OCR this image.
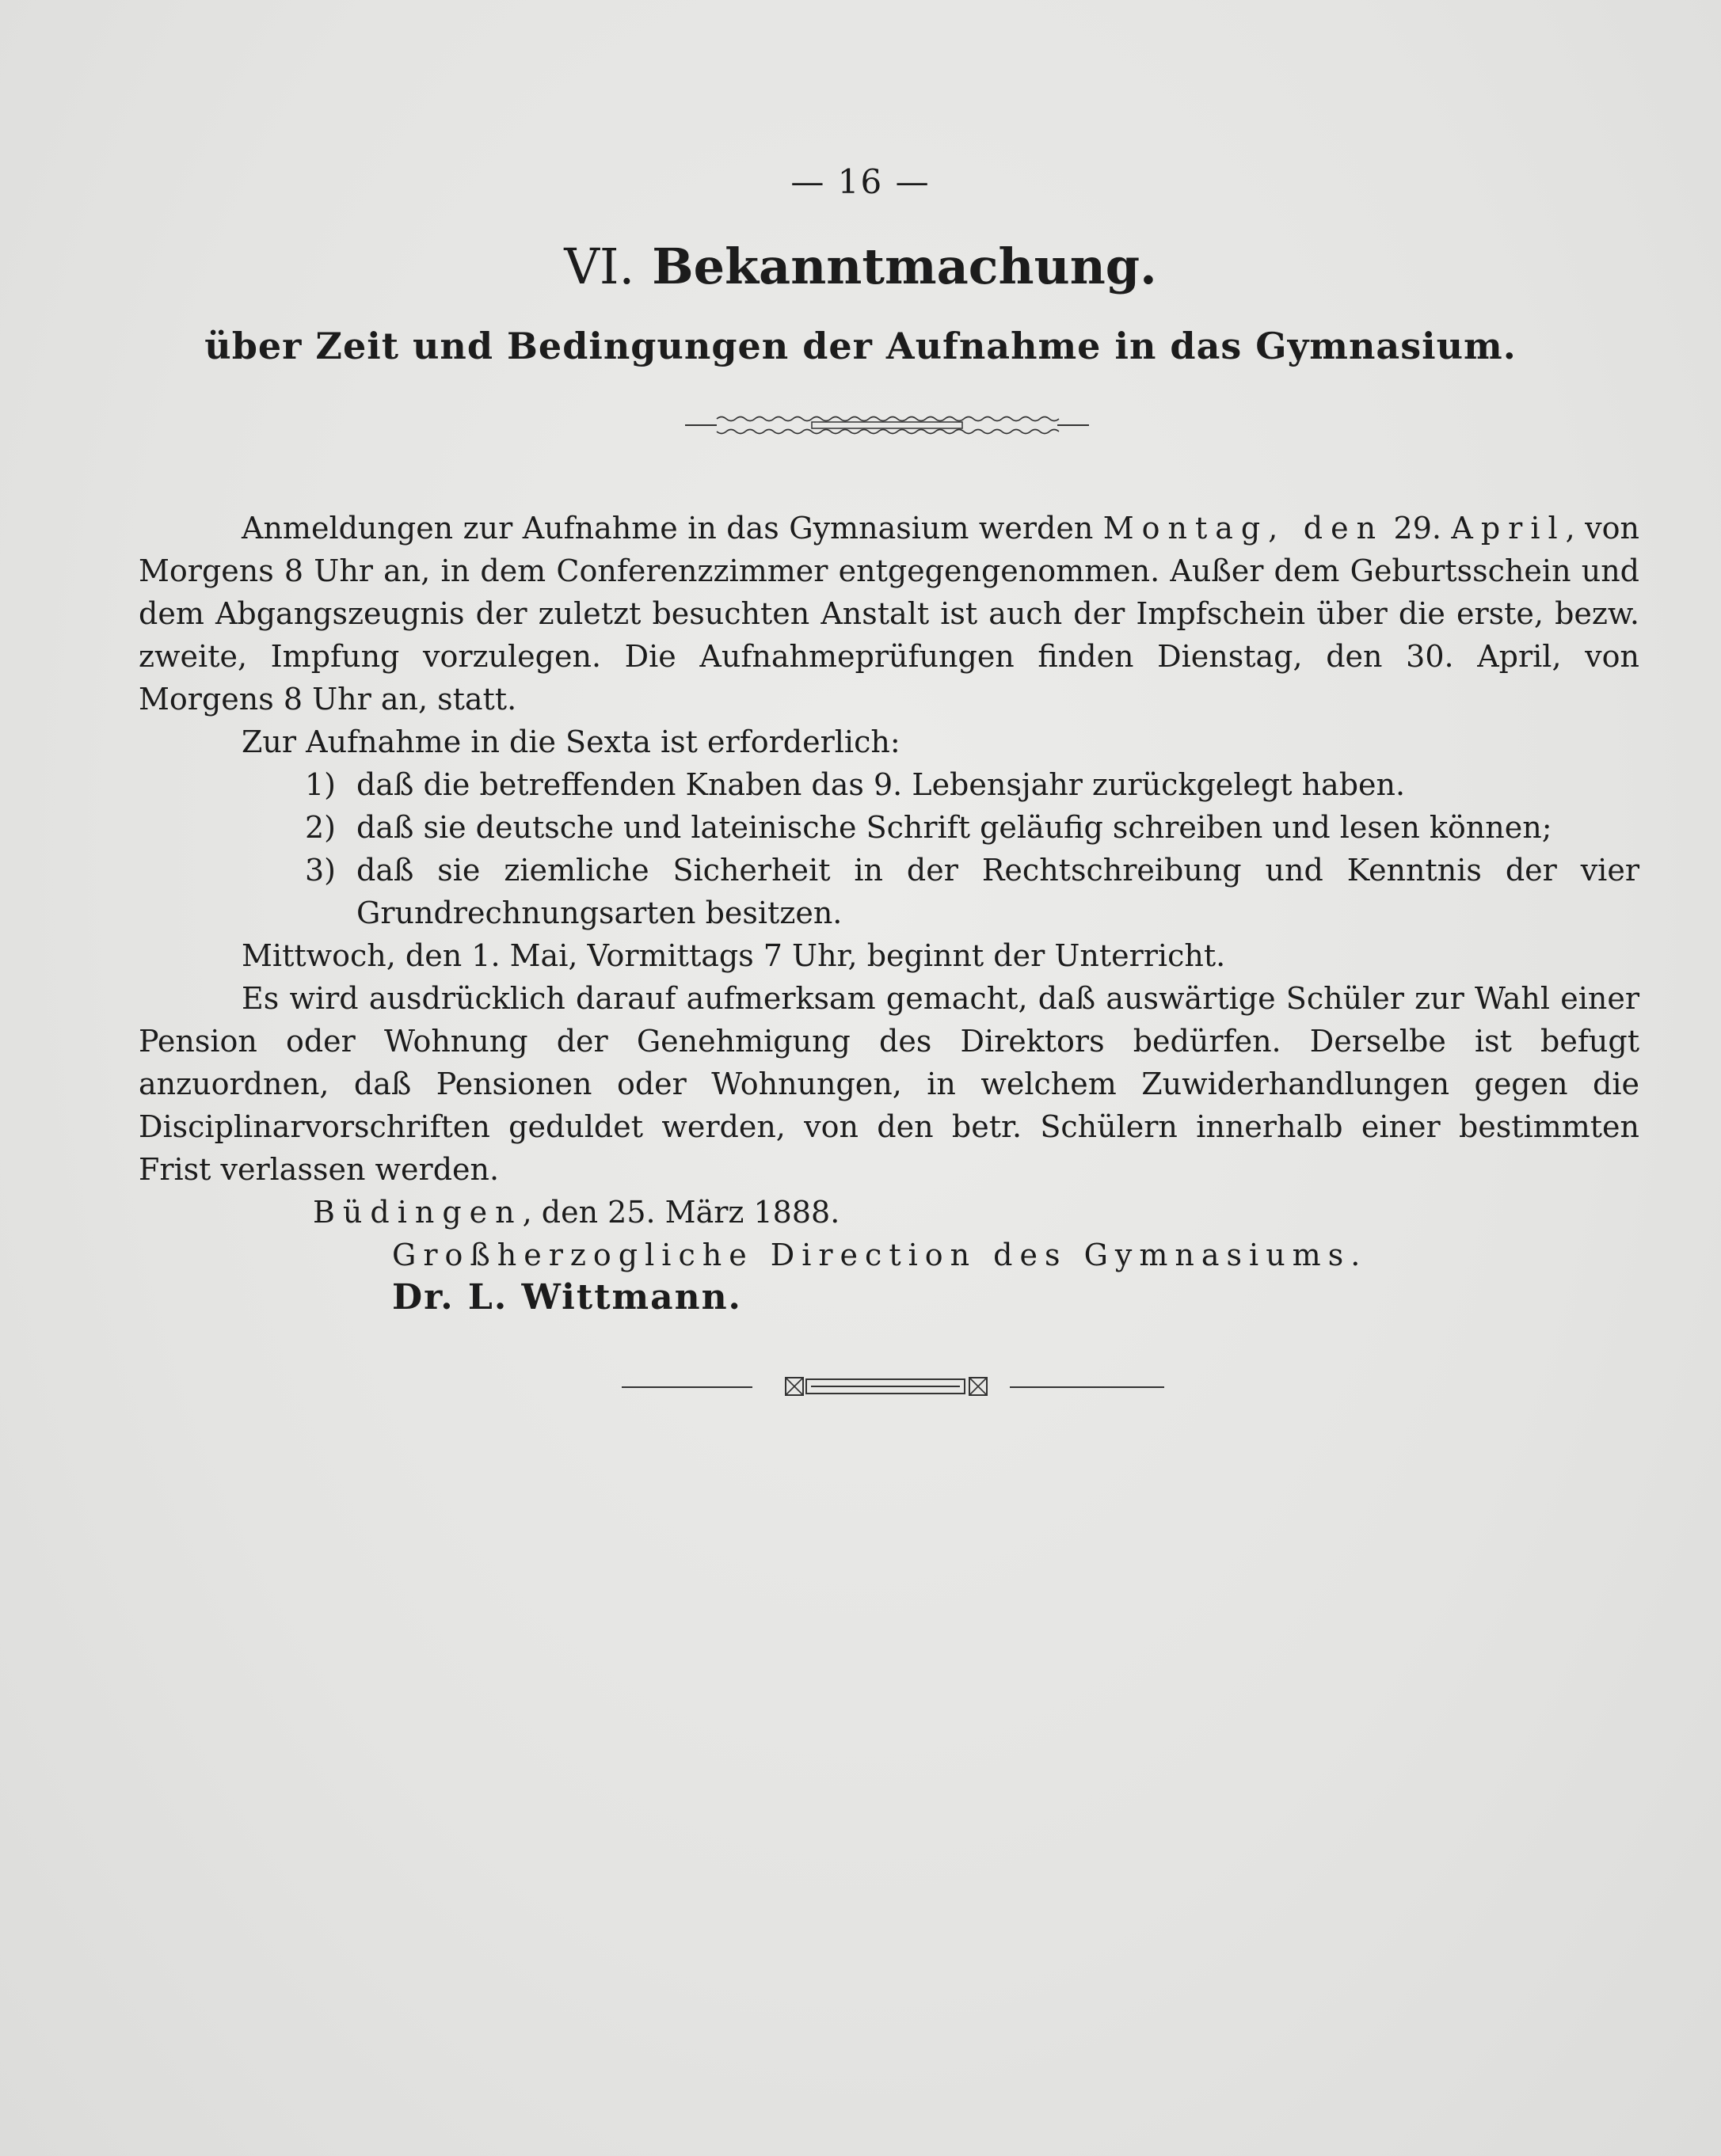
— 16 —
VI. Bekanntmachung.
über Zeit und Bedingungen der Aufnahme in das Gymnasium.

Anmeldungen zur Aufnahme in das Gymnasium werden Montag, den 29. April, von Morgens 8 Uhr an, in dem Conferenzzimmer entgegengenommen. Außer dem Geburtsschein und dem Abgangszeugnis der zuletzt besuchten Anstalt ist auch der Impfschein über die erste, bezw. zweite, Impfung vorzulegen. Die Aufnahmeprüfungen finden Dienstag, den 30. April, von Morgens 8 Uhr an, statt.

Zur Aufnahme in die Sexta ist erforderlich:

1) daß die betreffenden Knaben das 9. Lebensjahr zurückgelegt haben.
2) daß sie deutsche und lateinische Schrift geläufig schreiben und lesen können;
3) daß sie ziemliche Sicherheit in der Rechtschreibung und Kenntnis der vier Grundrechnungsarten besitzen.

Mittwoch, den 1. Mai, Vormittags 7 Uhr, beginnt der Unterricht.

Es wird ausdrücklich darauf aufmerksam gemacht, daß auswärtige Schüler zur Wahl einer Pension oder Wohnung der Genehmigung des Direktors bedürfen. Derselbe ist befugt anzuordnen, daß Pensionen oder Wohnungen, in welchem Zuwiderhandlungen gegen die Disciplinarvorschriften geduldet werden, von den betr. Schülern innerhalb einer bestimmten Frist verlassen werden.

Büdingen, den 25. März 1888.

Großherzogliche Direction des Gymnasiums.

Dr. L. Wittmann.
